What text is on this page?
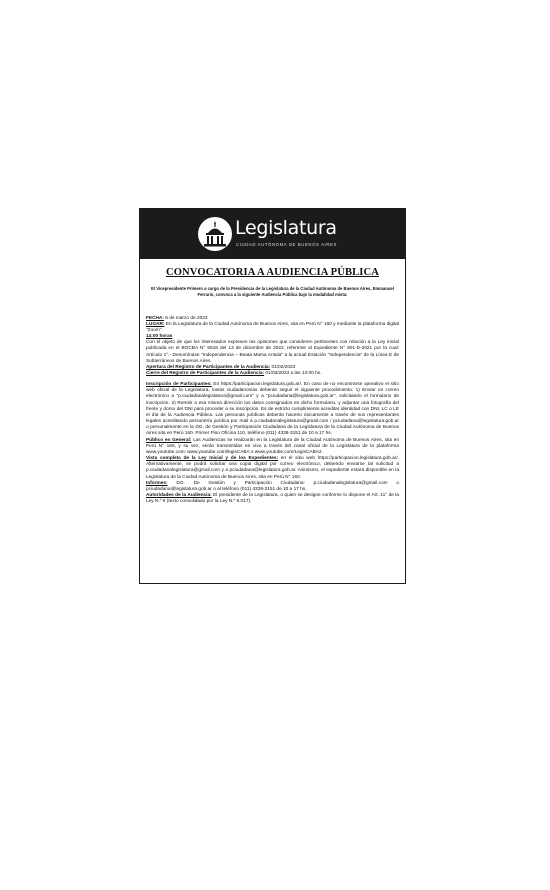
Legislatura
CIUDAD AUTÓNOMA DE BUENOS AIRES
CONVOCATORIA A AUDIENCIA PÚBLICA
El Vicepresidente Primero a cargo de la Presidencia de la Legislatura de la Ciudad Autónoma de Buenos Aires, Emmanuel Ferrario, convoca a la siguiente Audiencia Pública bajo la modalidad mixta:

FECHA: 6 de marzo de 2023

LUGAR: En la Legislatura de la Ciudad Autónoma de Buenos Aires, sita en Perú N° 160 y mediante la plataforma digital "Zoom".

14:00 horas

Con el objeto de que los interesados expresen las opiniones que consideren pertinentes con relación a la Ley inicial publicada en el BOCBA N° 6518 del 13 de diciembre de 2022, referente al Expediente N° 901-D-2021 por la cual: Artículo 1°.- Denomínase "Independencia – Beata Mama Antula" a la actual Estación "Independencia" de la Línea E de Subterráneos de Buenos Aires.

Apertura del Registro de Participantes de la Audiencia: 01/02/2023

Cierre del Registro de Participantes de la Audiencia: 01/03/2023 a las 14:00 hs.

Inscripción de Participantes: En https://participacion.legislatura.gob.ar/. En caso de no encontrarse operativo el sitio web oficial de la Legislatura, los/as ciudadanos/as deberán seguir el siguiente procedimiento: 1) Enviar un correo electrónico a "p.ciudadanalegislatura@gmail.com" y a "pciudadana@legislatura.gob.ar", solicitando el formulario de inscripción. 2) Remitir a esa misma dirección los datos consignados en dicho formulario, y adjuntar una fotografía del frente y dorso del DNI para proceder a su inscripción. Es de estricto cumplimiento acreditar identidad con DNI, LC o LE el día de la Audiencia Pública. Las personas jurídicas deberán hacerlo únicamente a través de sus representantes legales acreditando personería jurídica por mail a p.ciudadanalegislatura@gmail.com / pciudadana@legislatura.gob.ar o personalmente en la DG. de Gestión y Participación Ciudadana de la Legislatura de la Ciudad Autónoma de Buenos Aires sita en Perú 160. Primer Piso Oficina 110, teléfono (011) 4338-3151 de 10 a 17 hs.

Público en General: Las Audiencias se realizarán en la Legislatura de la Ciudad Autónoma de Buenos Aires, sita en Perú N° 160, y su vez, serán transmitidas en vivo a través del canal oficial de la Legislatura de la plataforma www.youtube.com: www.youtube.com/legisCABA o www.youtube.com/LegisCABA2.

Vista completa de la Ley Inicial y de los Expedientes: en el sitio web https://participacion.legislatura.gob.ar/. Alternativamente, se podrá solicitar una copia digital por correo electrónico, debiendo enviarse tal solicitud a p.ciudadanalegislatura@gmail.com y a pciudadana@legislatura.gob.ar. Asimismo, el expediente estará disponible en la Legislatura de la Ciudad Autónoma de Buenos Aires, sita en Perú N° 160.

Informes: DG. De Gestión y Participación Ciudadana: p.ciudadanalegislatura@gmail.com o pciudadana@legislatura.gob.ar o al teléfono (011) 4338-3151 de 10 a 17 hs.

Autoridades de la Audiencia: El presidente de la Legislatura, o quien se designe conforme lo dispone el Art. 11° de la Ley N.º 6 (texto consolidado por la Ley N.º 6.017).
